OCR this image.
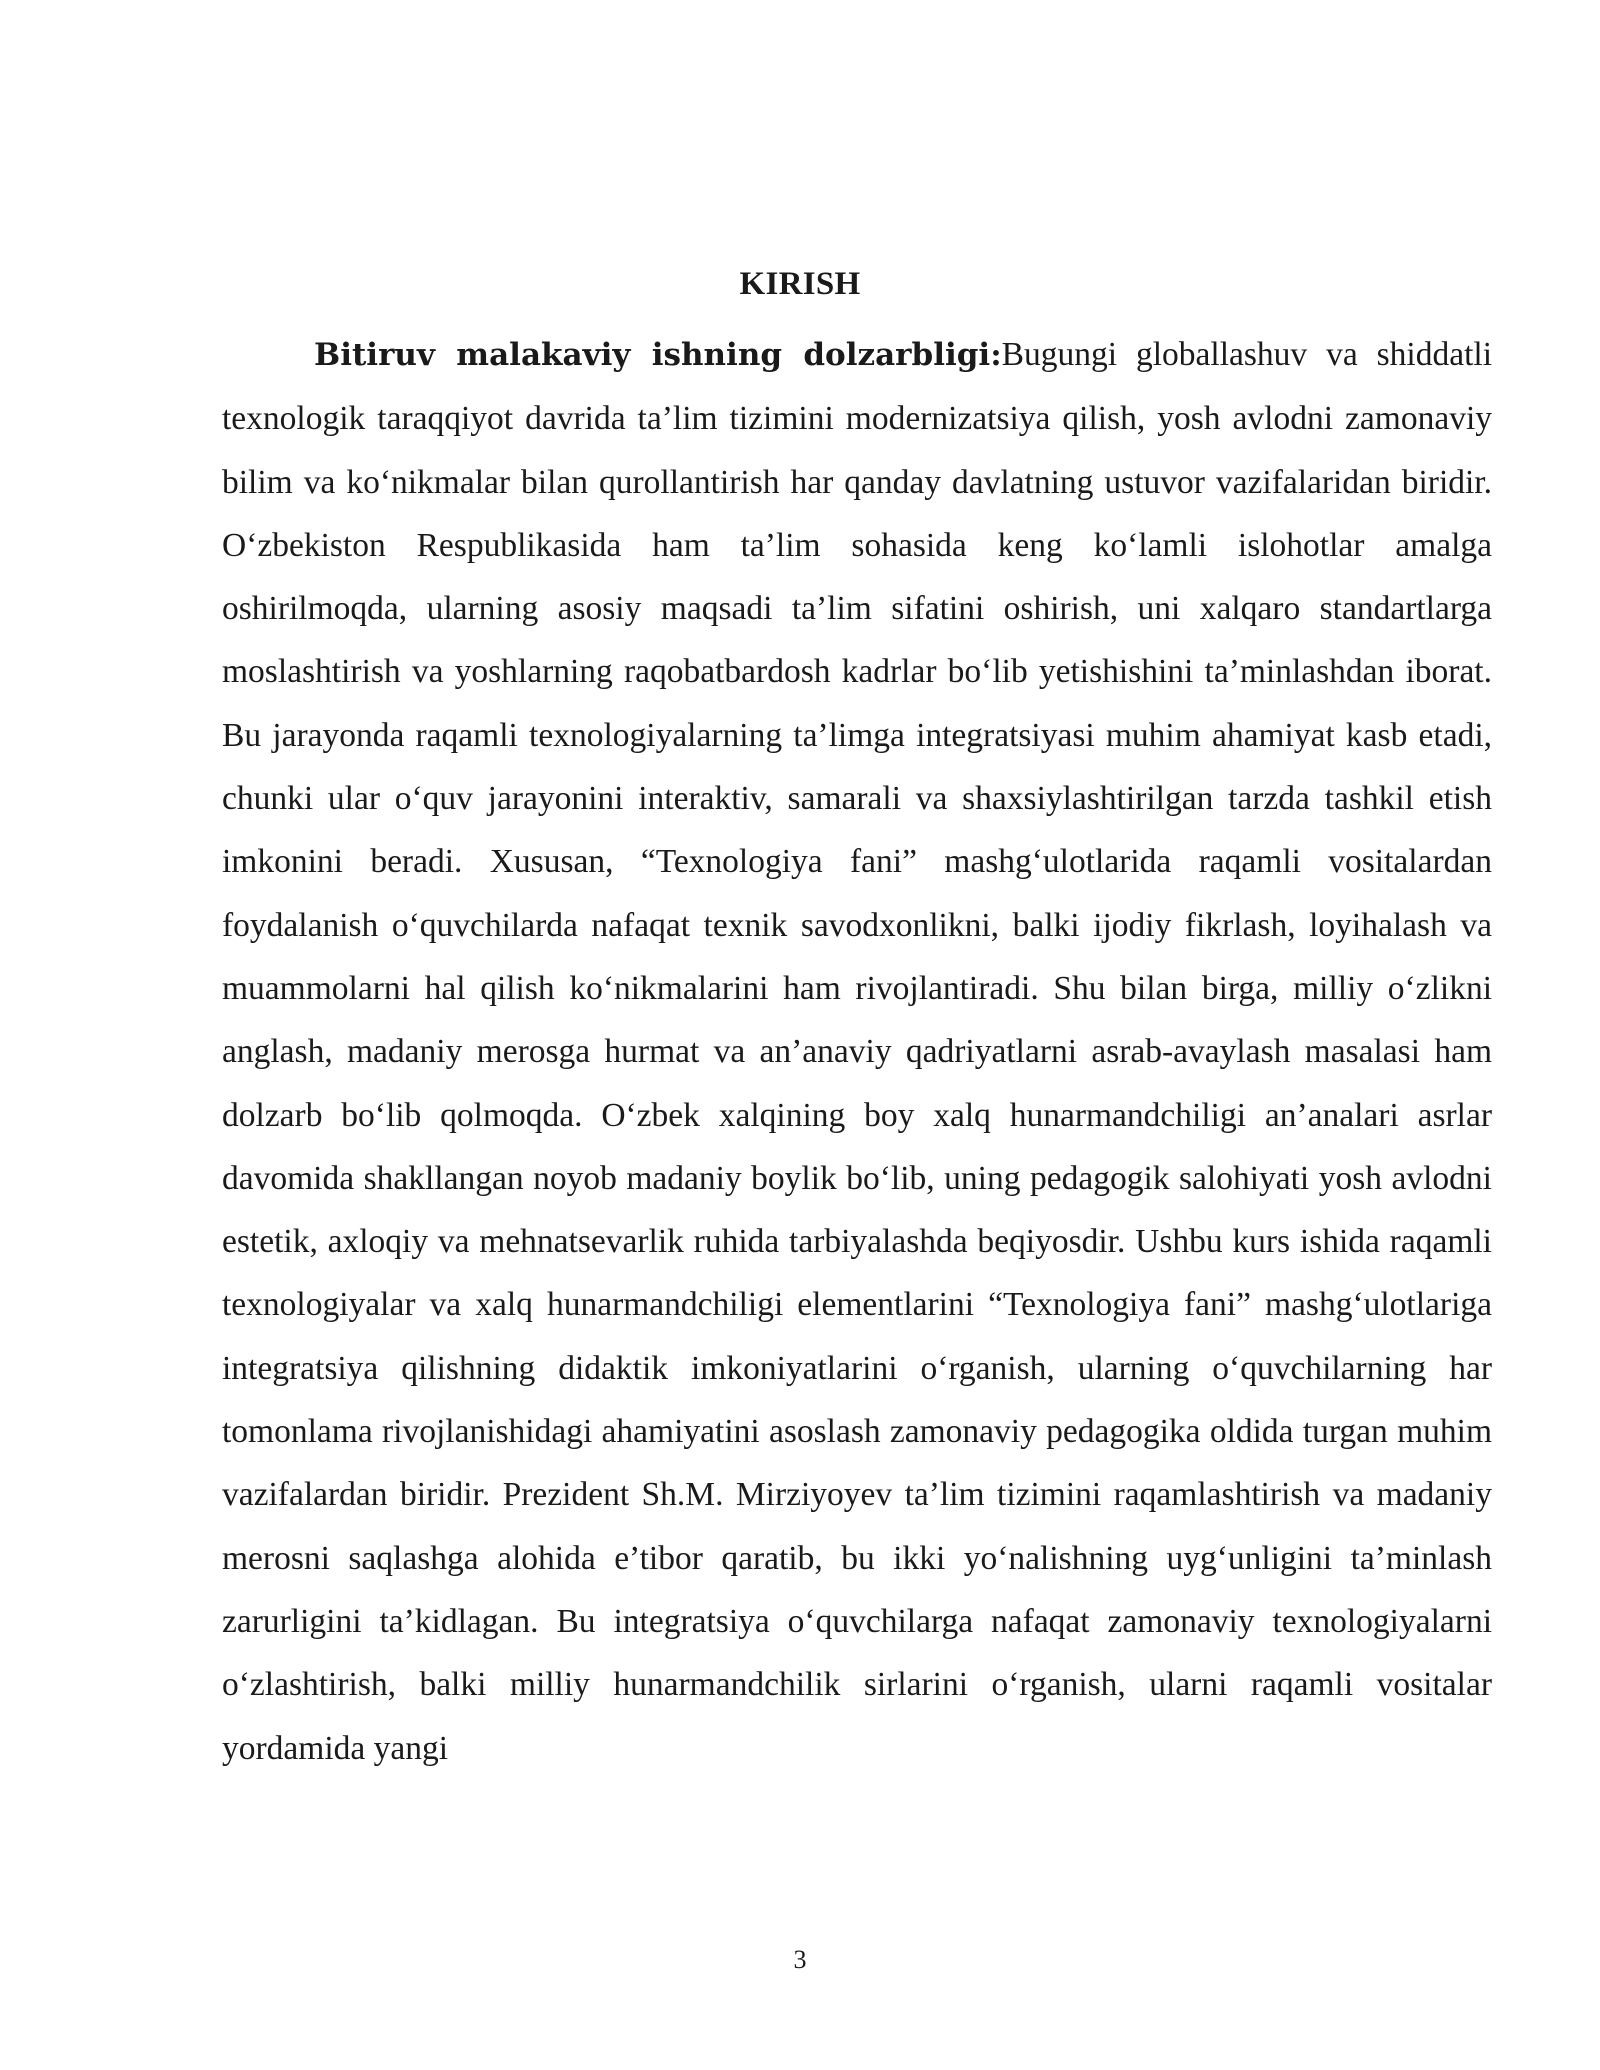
KIRISH

Bitiruv malakaviy ishning dolzarbligi:Bugungi globallashuv va shiddatli texnologik taraqqiyot davrida ta’lim tizimini modernizatsiya qilish, yosh avlodni zamonaviy bilim va ko‘nikmalar bilan qurollantirish har qanday davlatning ustuvor vazifalaridan biridir. O‘zbekiston Respublikasida ham ta’lim sohasida keng ko‘lamli islohotlar amalga oshirilmoqda, ularning asosiy maqsadi ta’lim sifatini oshirish, uni xalqaro standartlarga moslashtirish va yoshlarning raqobatbardosh kadrlar bo‘lib yetishishini ta’minlashdan iborat. Bu jarayonda raqamli texnologiyalarning ta’limga integratsiyasi muhim ahamiyat kasb etadi, chunki ular o‘quv jarayonini interaktiv, samarali va shaxsiylashtirilgan tarzda tashkil etish imkonini beradi. Xususan, “Texnologiya fani” mashg‘ulotlarida raqamli vositalardan foydalanish o‘quvchilarda nafaqat texnik savodxonlikni, balki ijodiy fikrlash, loyihalash va muammolarni hal qilish ko‘nikmalarini ham rivojlantiradi. Shu bilan birga, milliy o‘zlikni anglash, madaniy merosga hurmat va an’anaviy qadriyatlarni asrab-avaylash masalasi ham dolzarb bo‘lib qolmoqda. O‘zbek xalqining boy xalq hunarmandchiligi an’analari asrlar davomida shakllangan noyob madaniy boylik bo‘lib, uning pedagogik salohiyati yosh avlodni estetik, axloqiy va mehnatsevarlik ruhida tarbiyalashda beqiyosdir. Ushbu kurs ishida raqamli texnologiyalar va xalq hunarmandchiligi elementlarini “Texnologiya fani” mashg‘ulotlariga integratsiya qilishning didaktik imkoniyatlarini o‘rganish, ularning o‘quvchilarning har tomonlama rivojlanishidagi ahamiyatini asoslash zamonaviy pedagogika oldida turgan muhim vazifalardan biridir. Prezident Sh.M. Mirziyoyev ta’lim tizimini raqamlashtirish va madaniy merosni saqlashga alohida e’tibor qaratib, bu ikki yo‘nalishning uyg‘unligini ta’minlash zarurligini ta’kidlagan. Bu integratsiya o‘quvchilarga nafaqat zamonaviy texnologiyalarni o‘zlashtirish, balki milliy hunarmandchilik sirlarini o‘rganish, ularni raqamli vositalar yordamida yangi

3
